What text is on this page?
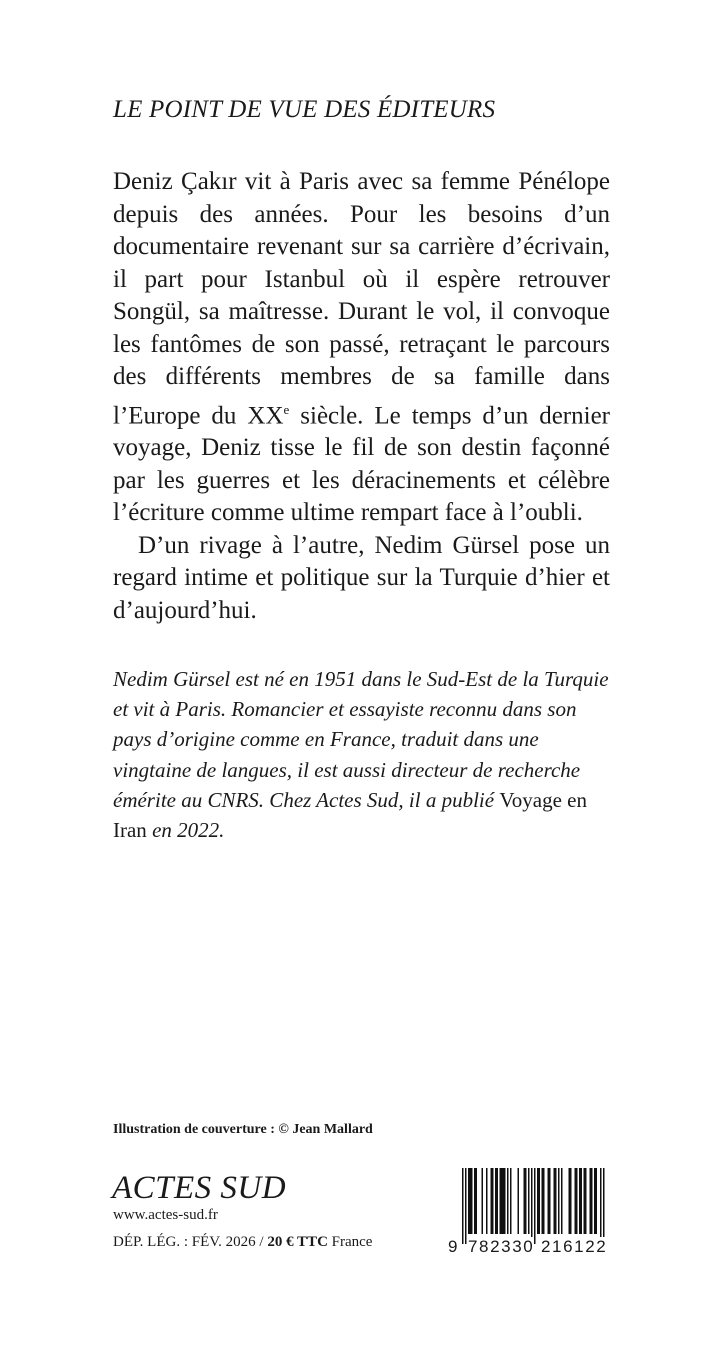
LE POINT DE VUE DES ÉDITEURS

Deniz Çakır vit à Paris avec sa femme Pénélope depuis des années. Pour les besoins d’un documentaire revenant sur sa carrière d’écrivain, il part pour Istanbul où il espère retrouver Songül, sa maîtresse. Durant le vol, il convoque les fantômes de son passé, retraçant le parcours des différents membres de sa famille dans l’Europe du XXe siècle. Le temps d’un dernier voyage, Deniz tisse le fil de son destin façonné par les guerres et les déracinements et célèbre l’écriture comme ultime rempart face à l’oubli.

D’un rivage à l’autre, Nedim Gürsel pose un regard intime et politique sur la Turquie d’hier et d’aujourd’hui.

Nedim Gürsel est né en 1951 dans le Sud-Est de la Turquie et vit à Paris. Romancier et essayiste reconnu dans son pays d’origine comme en France, traduit dans une vingtaine de langues, il est aussi directeur de recherche émérite au CNRS. Chez Actes Sud, il a publié Voyage en Iran en 2022.

Illustration de couverture : © Jean Mallard
ACTES SUD
www.actes-sud.fr
DÉP. LÉG. : FÉV. 2026 / 20 € TTC France	9 782330 216122
